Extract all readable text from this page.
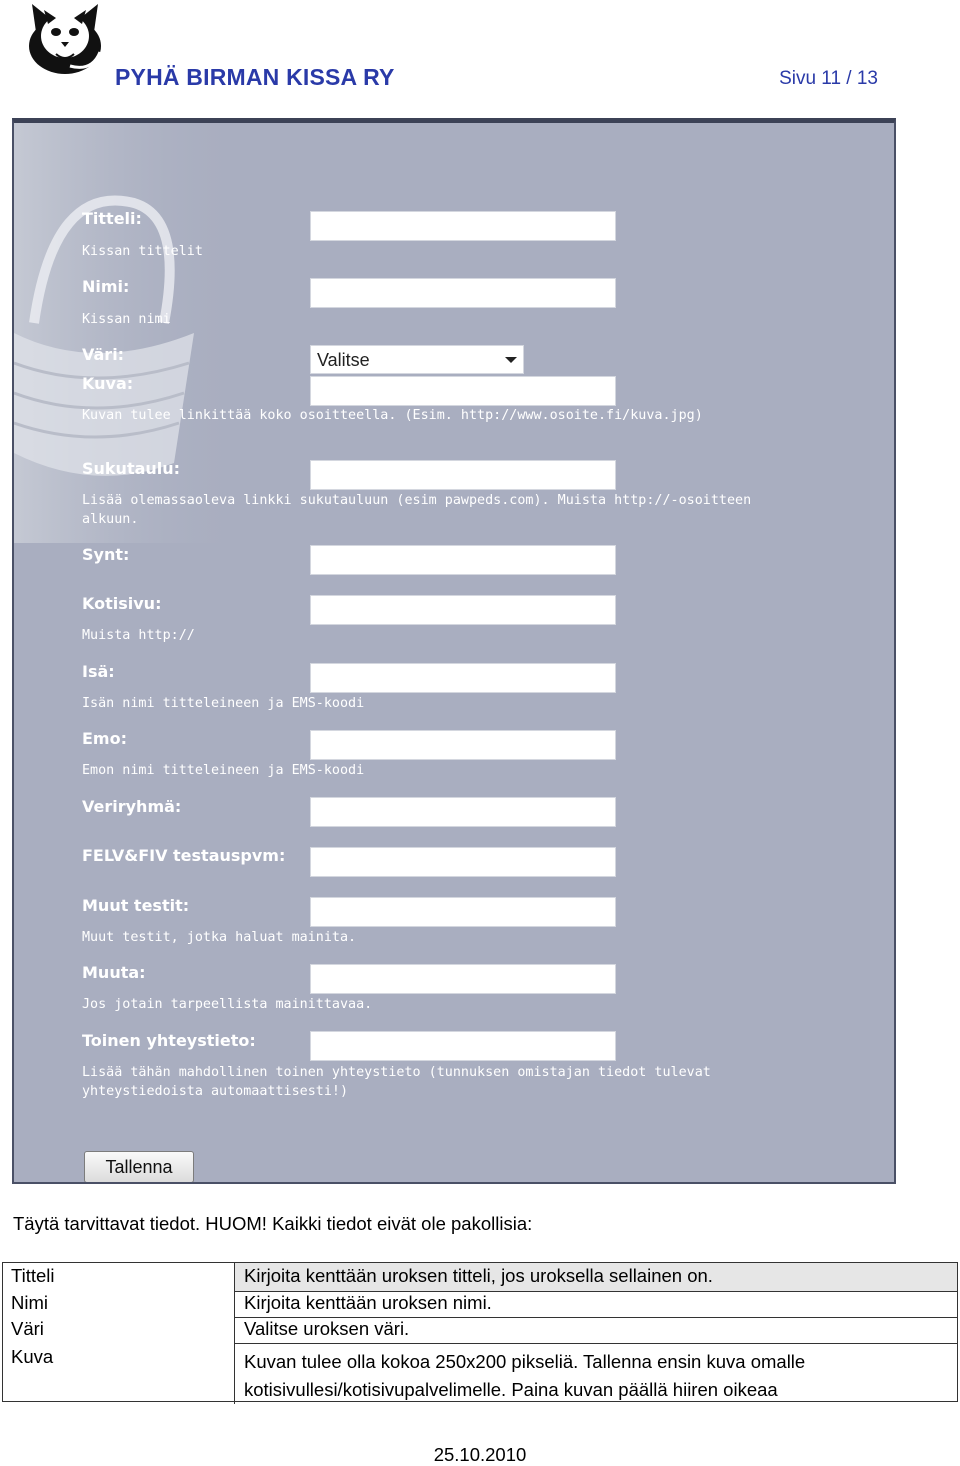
PYHÄ BIRMAN KISSA RY	Sivu 11 / 13
Titteli:
Kissan tittelit
Nimi:
Kissan nimi
Väri:	Valitse
Kuva:
Kuvan tulee linkittää koko osoitteella. (Esim. http://www.osoite.fi/kuva.jpg)
Sukutaulu:
Lisää olemassaoleva linkki sukutauluun (esim pawpeds.com). Muista http://-osoitteen
alkuun.
Synt:
Kotisivu:
Muista http://
Isä:
Isän nimi titteleineen ja EMS-koodi
Emo:
Emon nimi titteleineen ja EMS-koodi
Veriryhmä:
FELV&FIV testauspvm:
Muut testit:
Muut testit, jotka haluat mainita.
Muuta:
Jos jotain tarpeellista mainittavaa.
Toinen yhteystieto:
Lisää tähän mahdollinen toinen yhteystieto (tunnuksen omistajan tiedot tulevat
yhteystiedoista automaattisesti!)
Tallenna
Täytä tarvittavat tiedot. HUOM! Kaikki tiedot eivät ole pakollisia:
Titteli	Kirjoita kenttään uroksen titteli, jos uroksella sellainen on.
Nimi	Kirjoita kenttään uroksen nimi.
Väri	Valitse uroksen väri.
Kuva	Kuvan tulee olla kokoa 250x200 pikseliä. Tallenna ensin kuva omalle
kotisivullesi/kotisivupalvelimelle. Paina kuvan päällä hiiren oikeaa
25.10.2010
